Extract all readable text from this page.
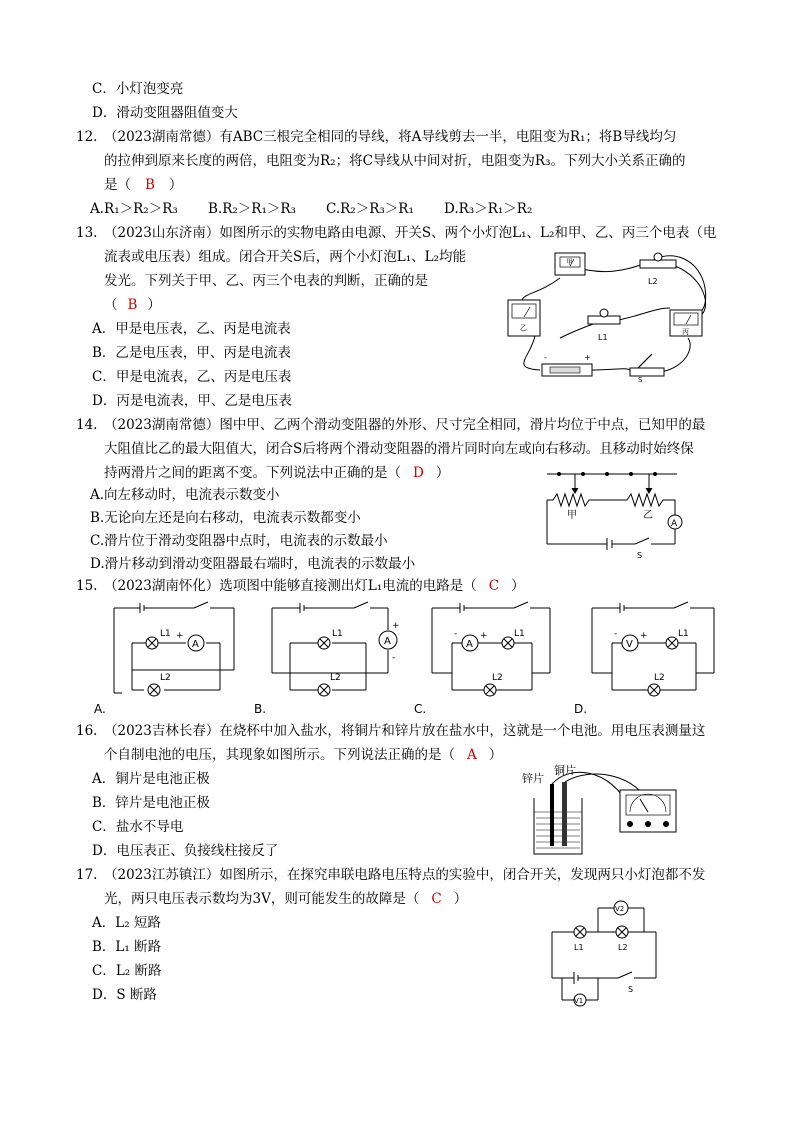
C．小灯泡变亮
D．滑动变阻器阻值变大
12. （2023湖南常德）有ABC三根完全相同的导线，将A导线剪去一半，电阻变为R₁；将B导线均匀
的拉伸到原来长度的两倍，电阻变为R₂；将C导线从中间对折，电阻变为R₃。下列大小关系正确的
是（ B ）
A.R₁＞R₂＞R₃ B.R₂＞R₁＞R₃ C.R₂＞R₃＞R₁ D.R₃＞R₁＞R₂
13. （2023山东济南）如图所示的实物电路由电源、开关S、两个小灯泡L₁、L₂和甲、乙、丙三个电表（电
流表或电压表）组成。闭合开关S后，两个小灯泡L₁、L₂均能
发光。下列关于甲、乙、丙三个电表的判断，正确的是
（ B ）
A．甲是电压表，乙、丙是电流表
B．乙是电压表，甲、丙是电流表
C．甲是电流表，乙、丙是电压表
D．丙是电流表，甲、乙是电压表
甲
L2
乙
L1
丙
-	+
S
14. （2023湖南常德）图中甲、乙两个滑动变阻器的外形、尺寸完全相同，滑片均位于中点，已知甲的最
大阻值比乙的最大阻值大，闭合S后将两个滑动变阻器的滑片同时向左或向右移动。且移动时始终保
持两滑片之间的距离不变。下列说法中正确的是（ D ）
A.向左移动时，电流表示数变小
B.无论向左还是向右移动，电流表示数都变小
C.滑片位于滑动变阻器中点时，电流表的示数最小
D.滑片移动到滑动变阻器最右端时，电流表的示数最小
A
甲	乙
S
15. （2023湖南怀化）选项图中能够直接测出灯L₁电流的电路是（ C ）
A
L1 +
L2
A.
L1
L2
A
+
-
B.
A
-	+	L1
L2
C.
V
-	+	L1
L2
D.
16. （2023吉林长春）在烧杯中加入盐水，将铜片和锌片放在盐水中，这就是一个电池。用电压表测量这
个自制电池的电压，其现象如图所示。下列说法正确的是（ A ）
A．铜片是电池正极
B．锌片是电池正极
C．盐水不导电
D．电压表正、负接线柱接反了
锌片
铜片
17. （2023江苏镇江）如图所示，在探究串联电路电压特点的实验中，闭合开关，发现两只小灯泡都不发
光，两只电压表示数均为3V，则可能发生的故障是（ C ）
A．L₂ 短路
B．L₁ 断路
C．L₂ 断路
D．S 断路
V2
V1
L1	L2
S
